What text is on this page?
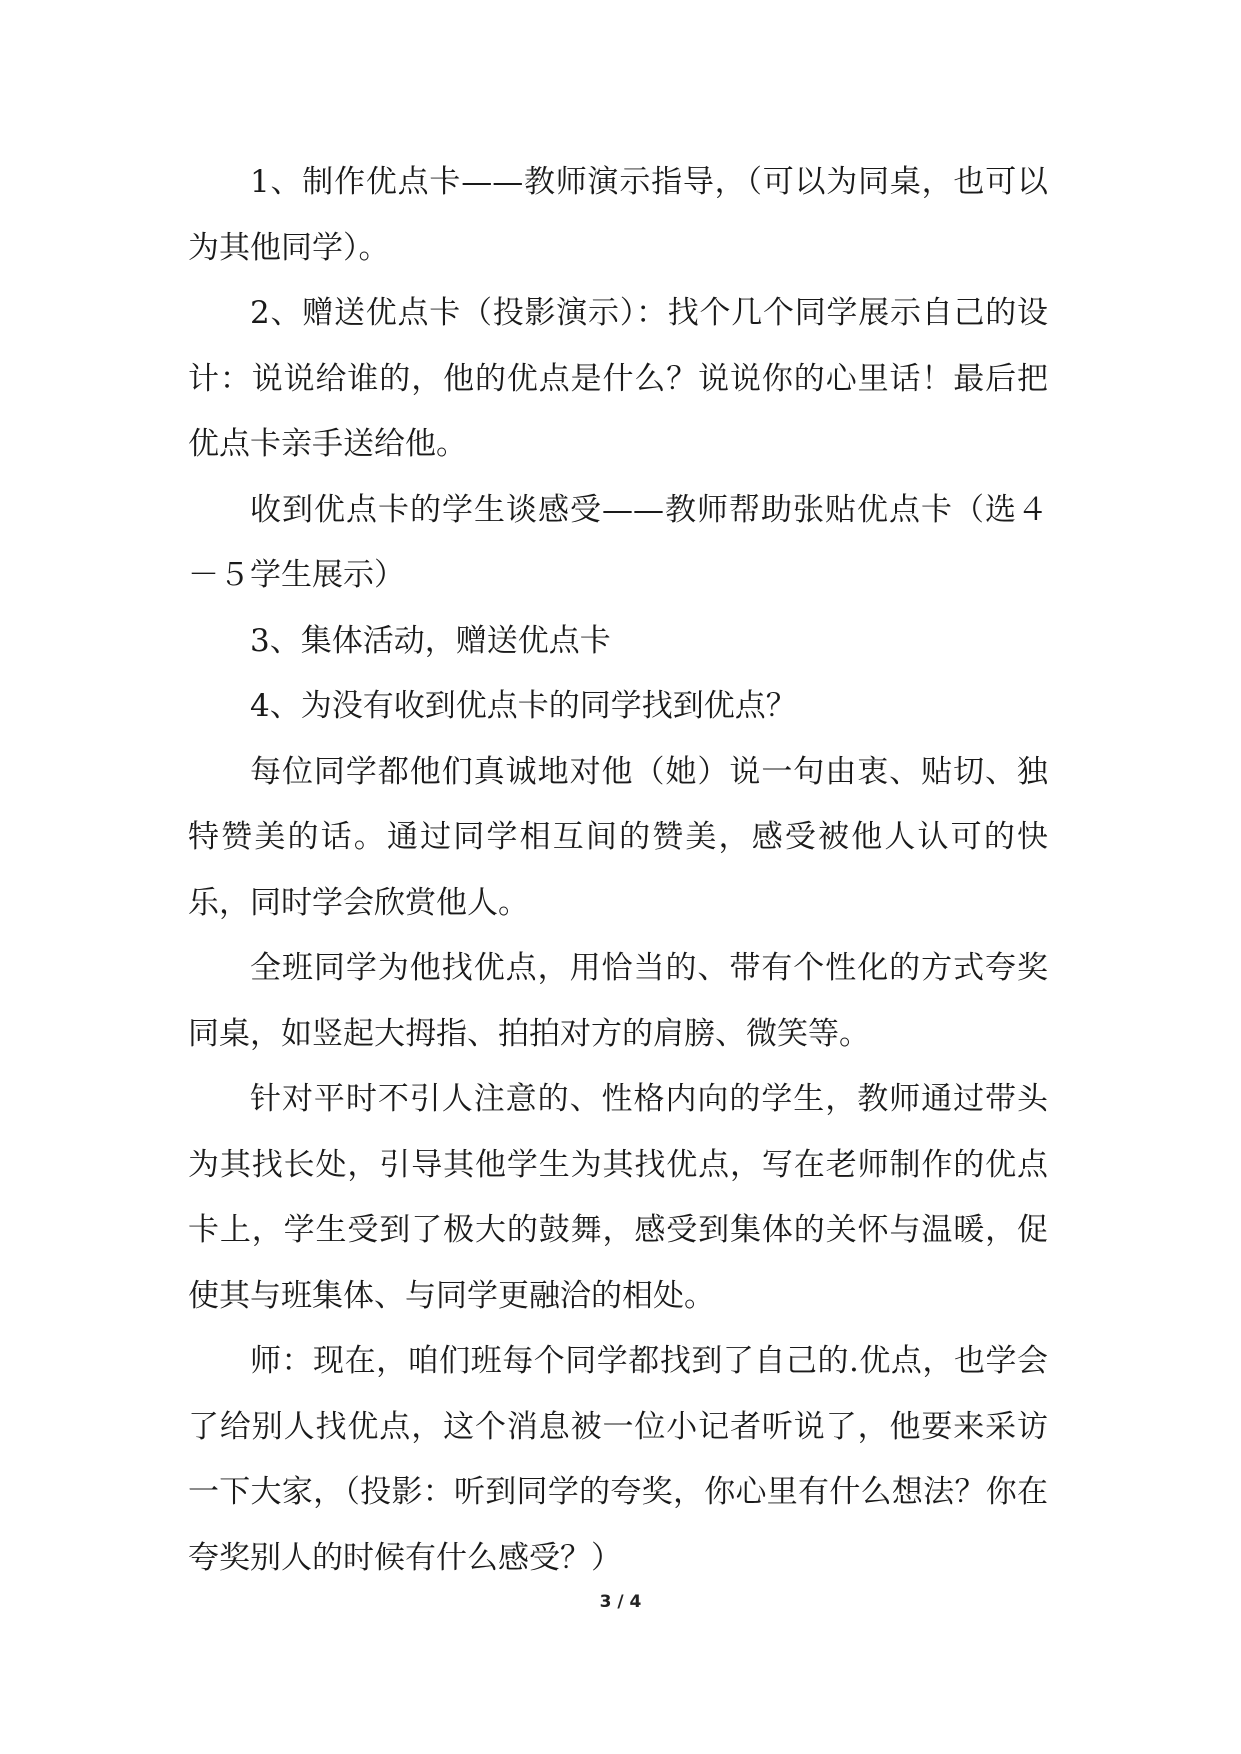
1、制作优点卡——教师演示指导，（可以为同桌，也可以为其他同学）。

2、赠送优点卡（投影演示）：找个几个同学展示自己的设计：说说给谁的，他的优点是什么？说说你的心里话！最后把优点卡亲手送给他。

收到优点卡的学生谈感受——教师帮助张贴优点卡（选４－５学生展示）

3、集体活动，赠送优点卡

4、为没有收到优点卡的同学找到优点？

每位同学都他们真诚地对他（她）说一句由衷、贴切、独特赞美的话。通过同学相互间的赞美，感受被他人认可的快乐，同时学会欣赏他人。

全班同学为他找优点，用恰当的、带有个性化的方式夸奖同桌，如竖起大拇指、拍拍对方的肩膀、微笑等。

针对平时不引人注意的、性格内向的学生，教师通过带头为其找长处，引导其他学生为其找优点，写在老师制作的优点卡上，学生受到了极大的鼓舞，感受到集体的关怀与温暖，促使其与班集体、与同学更融洽的相处。

师：现在，咱们班每个同学都找到了自己的.优点，也学会了给别人找优点，这个消息被一位小记者听说了，他要来采访一下大家，（投影：听到同学的夸奖，你心里有什么想法？你在夸奖别人的时候有什么感受？）

3 / 4
